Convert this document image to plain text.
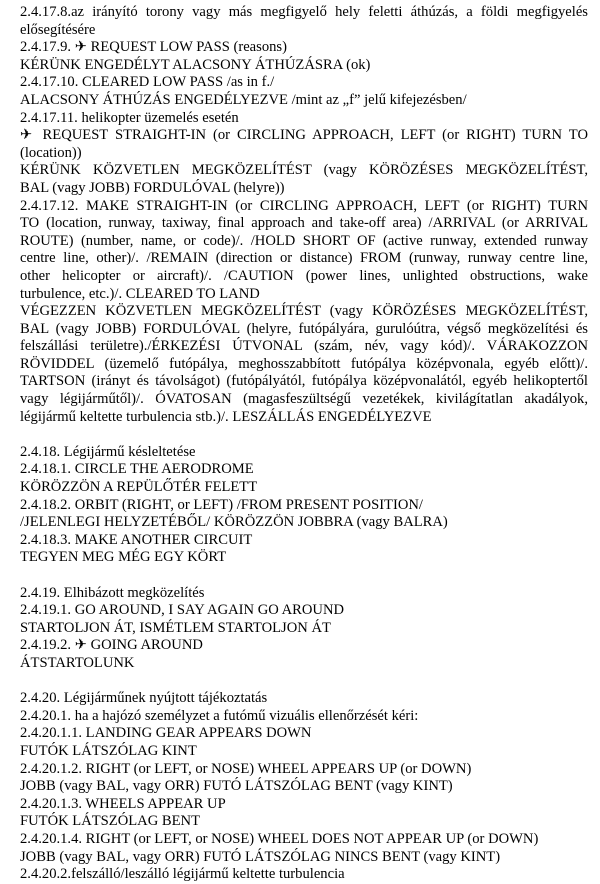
2.4.17.8.az irányító torony vagy más megfigyelő hely feletti áthúzás, a földi megfigyelés
elősegítésére
2.4.17.9. ✈ REQUEST LOW PASS (reasons)
KÉRÜNK ENGEDÉLYT ALACSONY ÁTHÚZÁSRA (ok)
2.4.17.10. CLEARED LOW PASS /as in f./
ALACSONY ÁTHÚZÁS ENGEDÉLYEZVE /mint az „f” jelű kifejezésben/
2.4.17.11. helikopter üzemelés esetén
✈ REQUEST STRAIGHT-IN (or CIRCLING APPROACH, LEFT (or RIGHT) TURN TO
(location))
KÉRÜNK KÖZVETLEN MEGKÖZELÍTÉST (vagy KÖRÖZÉSES MEGKÖZELÍTÉST,
BAL (vagy JOBB) FORDULÓVAL (helyre))
2.4.17.12. MAKE STRAIGHT-IN (or CIRCLING APPROACH, LEFT (or RIGHT) TURN
TO (location, runway, taxiway, final approach and take-off area) /ARRIVAL (or ARRIVAL
ROUTE) (number, name, or code)/. /HOLD SHORT OF (active runway, extended runway
centre line, other)/. /REMAIN (direction or distance) FROM (runway, runway centre line,
other helicopter or aircraft)/. /CAUTION (power lines, unlighted obstructions, wake
turbulence, etc.)/. CLEARED TO LAND
VÉGEZZEN KÖZVETLEN MEGKÖZELÍTÉST (vagy KÖRÖZÉSES MEGKÖZELÍTÉST,
BAL (vagy JOBB) FORDULÓVAL (helyre, futópályára, gurulóútra, végső megközelítési és
felszállási területre)./ÉRKEZÉSI ÚTVONAL (szám, név, vagy kód)/. VÁRAKOZZON
RÖVIDDEL (üzemelő futópálya, meghosszabbított futópálya középvonala, egyéb előtt)/.
TARTSON (irányt és távolságot) (futópályától, futópálya középvonalától, egyéb helikoptertől
vagy légijárműtől)/. ÓVATOSAN (magasfeszültségű vezetékek, kivilágítatlan akadályok,
légijármű keltette turbulencia stb.)/. LESZÁLLÁS ENGEDÉLYEZVE
2.4.18. Légijármű késleltetése
2.4.18.1. CIRCLE THE AERODROME
KÖRÖZZÖN A REPÜLŐTÉR FELETT
2.4.18.2. ORBIT (RIGHT, or LEFT) /FROM PRESENT POSITION/
/JELENLEGI HELYZETÉBŐL/ KÖRÖZZÖN JOBBRA (vagy BALRA)
2.4.18.3. MAKE ANOTHER CIRCUIT
TEGYEN MEG MÉG EGY KÖRT
2.4.19. Elhibázott megközelítés
2.4.19.1. GO AROUND, I SAY AGAIN GO AROUND
STARTOLJON ÁT, ISMÉTLEM STARTOLJON ÁT
2.4.19.2. ✈ GOING AROUND
ÁTSTARTOLUNK
2.4.20. Légijárműnek nyújtott tájékoztatás
2.4.20.1. ha a hajózó személyzet a futómű vizuális ellenőrzését kéri:
2.4.20.1.1. LANDING GEAR APPEARS DOWN
FUTÓK LÁTSZÓLAG KINT
2.4.20.1.2. RIGHT (or LEFT, or NOSE) WHEEL APPEARS UP (or DOWN)
JOBB (vagy BAL, vagy ORR) FUTÓ LÁTSZÓLAG BENT (vagy KINT)
2.4.20.1.3. WHEELS APPEAR UP
FUTÓK LÁTSZÓLAG BENT
2.4.20.1.4. RIGHT (or LEFT, or NOSE) WHEEL DOES NOT APPEAR UP (or DOWN)
JOBB (vagy BAL, vagy ORR) FUTÓ LÁTSZÓLAG NINCS BENT (vagy KINT)
2.4.20.2.felszálló/leszálló légijármű keltette turbulencia
